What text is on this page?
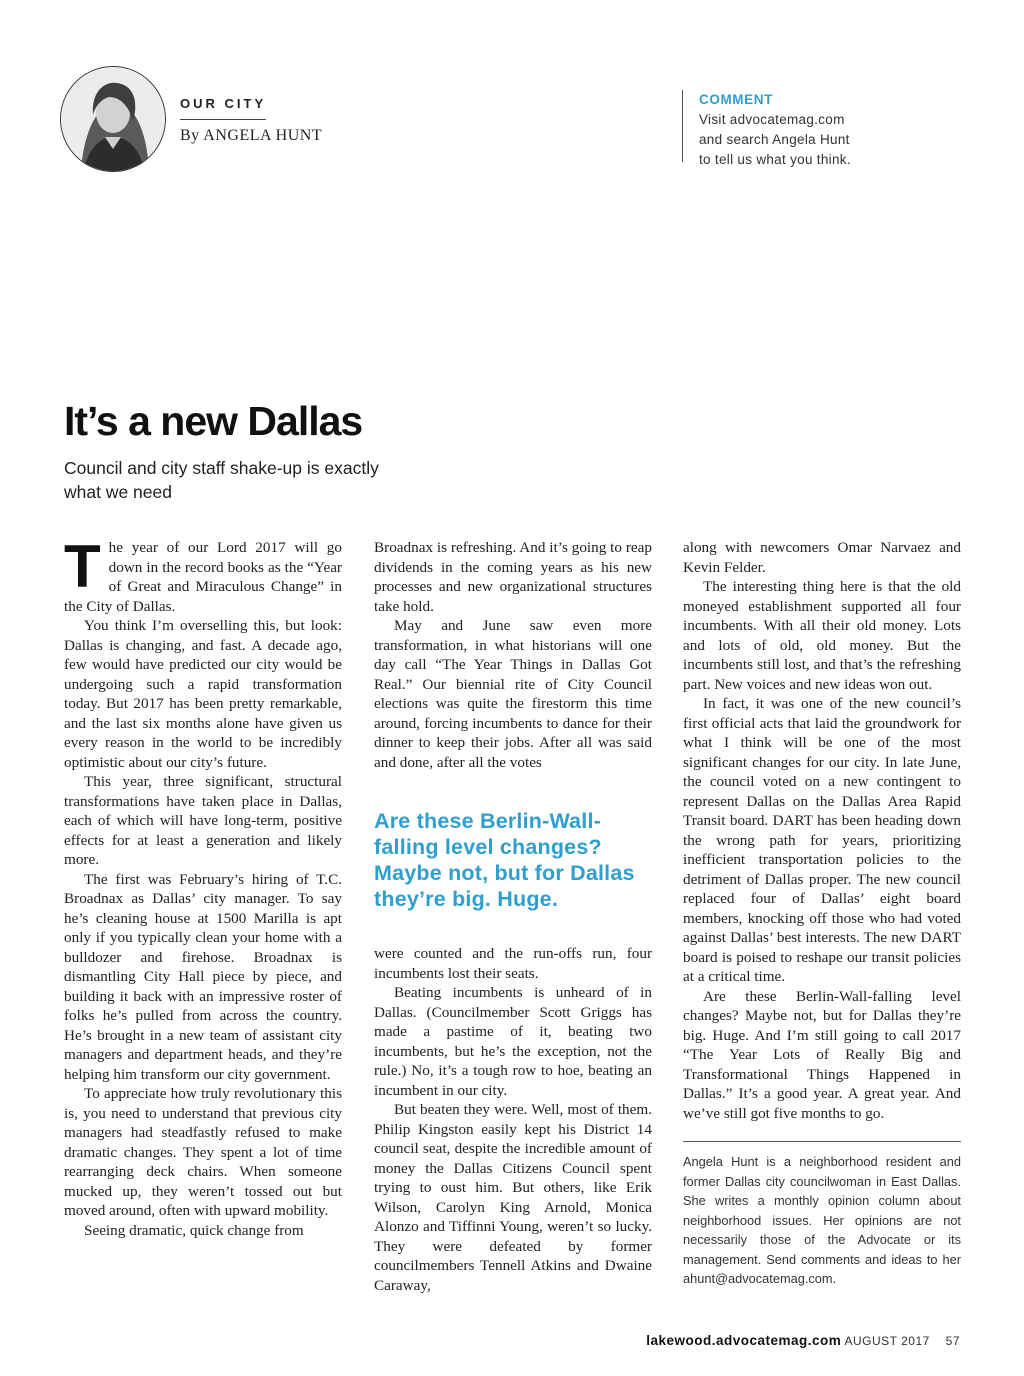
OUR CITY
By ANGELA HUNT
COMMENT
Visit advocatemag.com
and search Angela Hunt
to tell us what you think.
It’s a new Dallas
Council and city staff shake-up is exactly what we need

The year of our Lord 2017 will go down in the record books as the “Year of Great and Miraculous Change” in the City of Dallas.

You think I’m overselling this, but look: Dallas is changing, and fast. A decade ago, few would have predicted our city would be undergoing such a rapid transformation today. But 2017 has been pretty remarkable, and the last six months alone have given us every reason in the world to be incredibly optimistic about our city’s future.

This year, three significant, structural transformations have taken place in Dallas, each of which will have long-term, positive effects for at least a generation and likely more.

The first was February’s hiring of T.C. Broadnax as Dallas’ city manager. To say he’s cleaning house at 1500 Marilla is apt only if you typically clean your home with a bulldozer and firehose. Broadnax is dismantling City Hall piece by piece, and building it back with an impressive roster of folks he’s pulled from across the country. He’s brought in a new team of assistant city managers and department heads, and they’re helping him transform our city government.

To appreciate how truly revolutionary this is, you need to understand that previous city managers had steadfastly refused to make dramatic changes. They spent a lot of time rearranging deck chairs. When someone mucked up, they weren’t tossed out but moved around, often with upward mobility.

Seeing dramatic, quick change from

Broadnax is refreshing. And it’s going to reap dividends in the coming years as his new processes and new organizational structures take hold.

May and June saw even more transformation, in what historians will one day call “The Year Things in Dallas Got Real.” Our biennial rite of City Council elections was quite the firestorm this time around, forcing incumbents to dance for their dinner to keep their jobs. After all was said and done, after all the votes

Are these Berlin-Wall-falling level changes? Maybe not, but for Dallas they’re big. Huge.

were counted and the run-offs run, four incumbents lost their seats.

Beating incumbents is unheard of in Dallas. (Councilmember Scott Griggs has made a pastime of it, beating two incumbents, but he’s the exception, not the rule.) No, it’s a tough row to hoe, beating an incumbent in our city.

But beaten they were. Well, most of them. Philip Kingston easily kept his District 14 council seat, despite the incredible amount of money the Dallas Citizens Council spent trying to oust him. But others, like Erik Wilson, Carolyn King Arnold, Monica Alonzo and Tiffinni Young, weren’t so lucky. They were defeated by former councilmembers Tennell Atkins and Dwaine Caraway,

along with newcomers Omar Narvaez and Kevin Felder.

The interesting thing here is that the old moneyed establishment supported all four incumbents. With all their old money. Lots and lots of old, old money. But the incumbents still lost, and that’s the refreshing part. New voices and new ideas won out.

In fact, it was one of the new council’s first official acts that laid the groundwork for what I think will be one of the most significant changes for our city. In late June, the council voted on a new contingent to represent Dallas on the Dallas Area Rapid Transit board. DART has been heading down the wrong path for years, prioritizing inefficient transportation policies to the detriment of Dallas proper. The new council replaced four of Dallas’ eight board members, knocking off those who had voted against Dallas’ best interests. The new DART board is poised to reshape our transit policies at a critical time.

Are these Berlin-Wall-falling level changes? Maybe not, but for Dallas they’re big. Huge. And I’m still going to call 2017 “The Year Lots of Really Big and Transformational Things Happened in Dallas.” It’s a good year. A great year. And we’ve still got five months to go.

Angela Hunt is a neighborhood resident and former Dallas city councilwoman in East Dallas. She writes a monthly opinion column about neighborhood issues. Her opinions are not necessarily those of the Advocate or its management. Send comments and ideas to her ahunt@advocatemag.com.
lakewood.advocatemag.com AUGUST 2017 57
